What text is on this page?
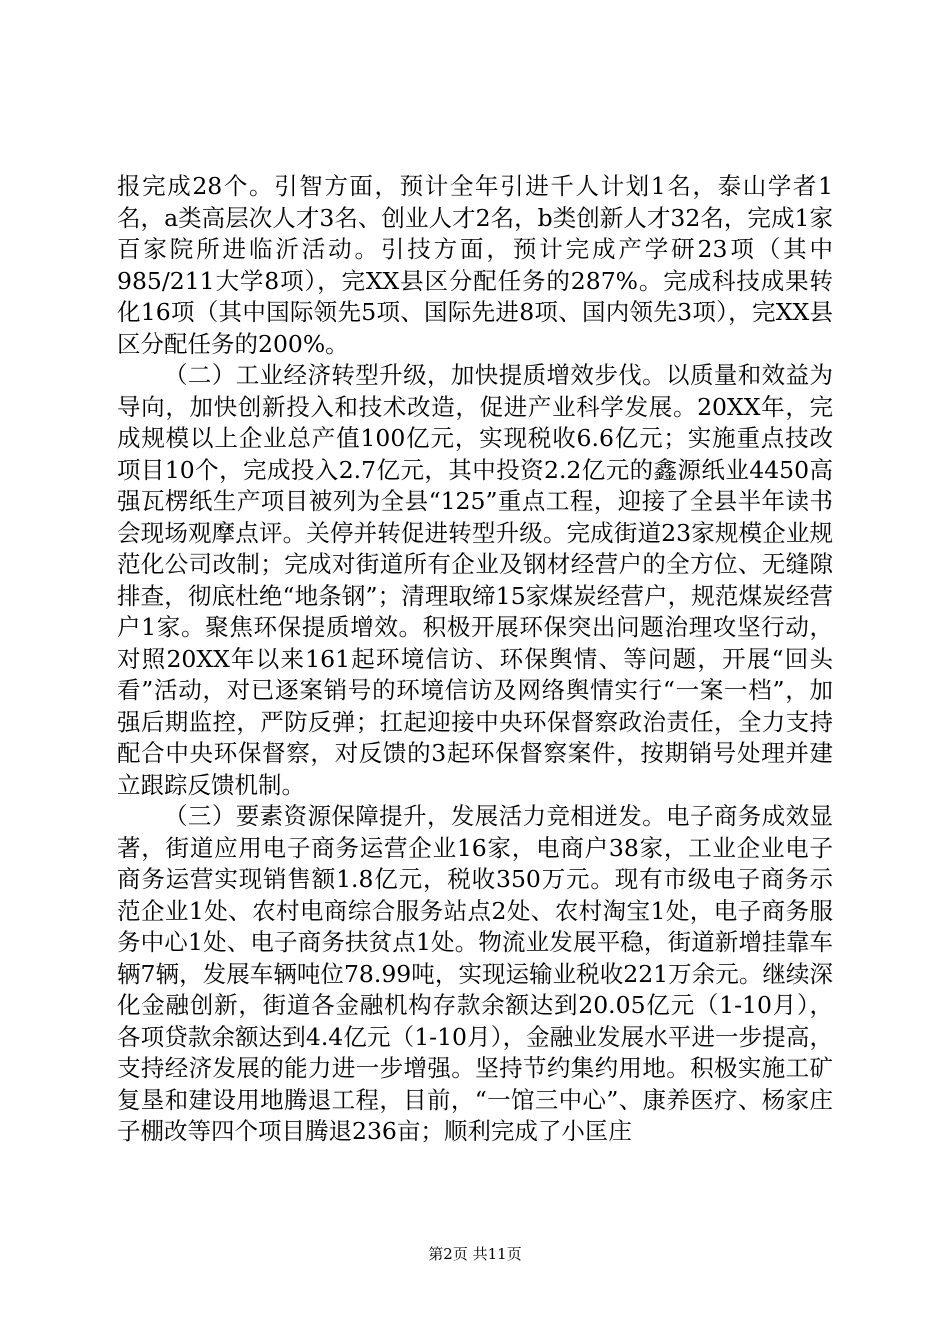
报完成28个。引智方面，预计全年引进千人计划1名，泰山学者1名，a类高层次人才3名、创业人才2名，b类创新人才32名，完成1家百家院所进临沂活动。引技方面，预计完成产学研23项（其中985/211大学8项），完XX县区分配任务的287%。完成科技成果转化16项（其中国际领先5项、国际先进8项、国内领先3项），完XX县区分配任务的200%。

（二）工业经济转型升级，加快提质增效步伐。以质量和效益为导向，加快创新投入和技术改造，促进产业科学发展。20XX年，完成规模以上企业总产值100亿元，实现税收6.6亿元；实施重点技改项目10个，完成投入2.7亿元，其中投资2.2亿元的鑫源纸业4450高强瓦楞纸生产项目被列为全县“125”重点工程，迎接了全县半年读书会现场观摩点评。关停并转促进转型升级。完成街道23家规模企业规范化公司改制；完成对街道所有企业及钢材经营户的全方位、无缝隙排查，彻底杜绝“地条钢”；清理取缔15家煤炭经营户，规范煤炭经营户1家。聚焦环保提质增效。积极开展环保突出问题治理攻坚行动，对照20XX年以来161起环境信访、环保舆情、等问题，开展“回头看”活动，对已逐案销号的环境信访及网络舆情实行“一案一档”，加强后期监控，严防反弹；扛起迎接中央环保督察政治责任，全力支持配合中央环保督察，对反馈的3起环保督察案件，按期销号处理并建立跟踪反馈机制。

（三）要素资源保障提升，发展活力竞相迸发。电子商务成效显著，街道应用电子商务运营企业16家，电商户38家，工业企业电子商务运营实现销售额1.8亿元，税收350万元。现有市级电子商务示范企业1处、农村电商综合服务站点2处、农村淘宝1处，电子商务服务中心1处、电子商务扶贫点1处。物流业发展平稳，街道新增挂靠车辆7辆，发展车辆吨位78.99吨，实现运输业税收221万余元。继续深化金融创新，街道各金融机构存款余额达到20.05亿元（1-10月），各项贷款余额达到4.4亿元（1-10月），金融业发展水平进一步提高，支持经济发展的能力进一步增强。坚持节约集约用地。积极实施工矿复垦和建设用地腾退工程，目前，“一馆三中心”、康养医疗、杨家庄子棚改等四个项目腾退236亩；顺利完成了小匡庄

第2页 共11页
